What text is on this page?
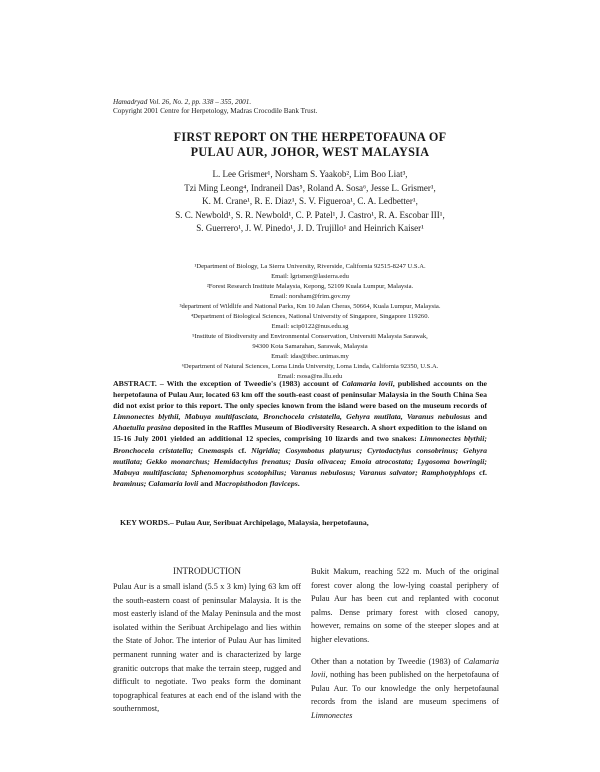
Hamadryad Vol. 26, No. 2, pp. 338 – 355, 2001.
Copyright 2001 Centre for Herpetology, Madras Crocodile Bank Trust.
FIRST REPORT ON THE HERPETOFAUNA OF
PULAU AUR, JOHOR, WEST MALAYSIA
L. Lee Grismer¹, Norsham S. Yaakob², Lim Boo Liat³,
Tzi Ming Leong⁴, Indraneil Das⁵, Roland A. Sosa⁶, Jesse L. Grismer¹,
K. M. Crane¹, R. E. Diaz¹, S. V. Figueroa¹, C. A. Ledbetter¹,
S. C. Newbold¹, S. R. Newbold¹, C. P. Patel¹, J. Castro¹, R. A. Escobar III¹,
S. Guerrero¹, J. W. Pinedo¹, J. D. Trujillo¹ and Heinrich Kaiser¹
¹Department of Biology, La Sierra University, Riverside, California 92515-8247 U.S.A.
Email: lgrismer@lasierra.edu
²Forest Research Institute Malaysia, Kepong, 52109 Kuala Lumpur, Malaysia.
Email: norsham@frim.gov.my
³department of Wildlife and National Parks, Km 10 Jalan Cheras, 50664, Kuala Lumpur, Malaysia.
⁴Department of Biological Sciences, National University of Singapore, Singapore 119260.
Email: scip0122@nus.edu.sg
⁵Institute of Biodiversity and Environmental Conservation, Universiti Malaysia Sarawak,
94300 Kota Samarahan, Sarawak, Malaysia
Email: idas@ibec.unimas.my
⁶Department of Natural Sciences, Loma Linda University, Loma Linda, California 92350, U.S.A.
Email: rsosa@ns.llu.edu
ABSTRACT. – With the exception of Tweedie's (1983) account of Calamaria lovii, published accounts on the herpetofauna of Pulau Aur, located 63 km off the south-east coast of peninsular Malaysia in the South China Sea did not exist prior to this report. The only species known from the island were based on the museum records of Limnonectes blythii, Mabuya multifasciata, Bronchocela cristatella, Gehyra mutilata, Varanus nebulosus and Ahaetulla prasina deposited in the Raffles Museum of Biodiversity Research. A short expedition to the island on 15-16 July 2001 yielded an additional 12 species, comprising 10 lizards and two snakes: Limnonectes blythii; Bronchocela cristatella; Cnemaspis cf. Nigridia; Cosymbotus platyurus; Cyrtodactylus consobrinus; Gehyra mutilata; Gekko monarchus; Hemidactylus frenatus; Dasia olivacea; Emoia atrocostata; Lygosoma bowringii; Mabuya multifasciata; Sphenomorphus scotophilus; Varanus nebulosus; Varanus salvator; Ramphotyphlops cf. braminus; Calamaria lovii and Macropisthodon flaviceps.
KEY WORDS.– Pulau Aur, Seribuat Archipelago, Malaysia, herpetofauna,
INTRODUCTION

Pulau Aur is a small island (5.5 x 3 km) lying 63 km off the south-eastern coast of peninsular Malaysia. It is the most easterly island of the Malay Peninsula and the most isolated within the Seribuat Archipelago and lies within the State of Johor. The interior of Pulau Aur has limited permanent running water and is characterized by large granitic outcrops that make the terrain steep, rugged and difficult to negotiate. Two peaks form the dominant topographical features at each end of the island with the southernmost,

Bukit Makum, reaching 522 m. Much of the original forest cover along the low-lying coastal periphery of Pulau Aur has been cut and replanted with coconut palms. Dense primary forest with closed canopy, however, remains on some of the steeper slopes and at higher elevations.

Other than a notation by Tweedie (1983) of Calamaria lovii, nothing has been published on the herpetofauna of Pulau Aur. To our knowledge the only herpetofaunal records from the island are museum specimens of Limnonectes
